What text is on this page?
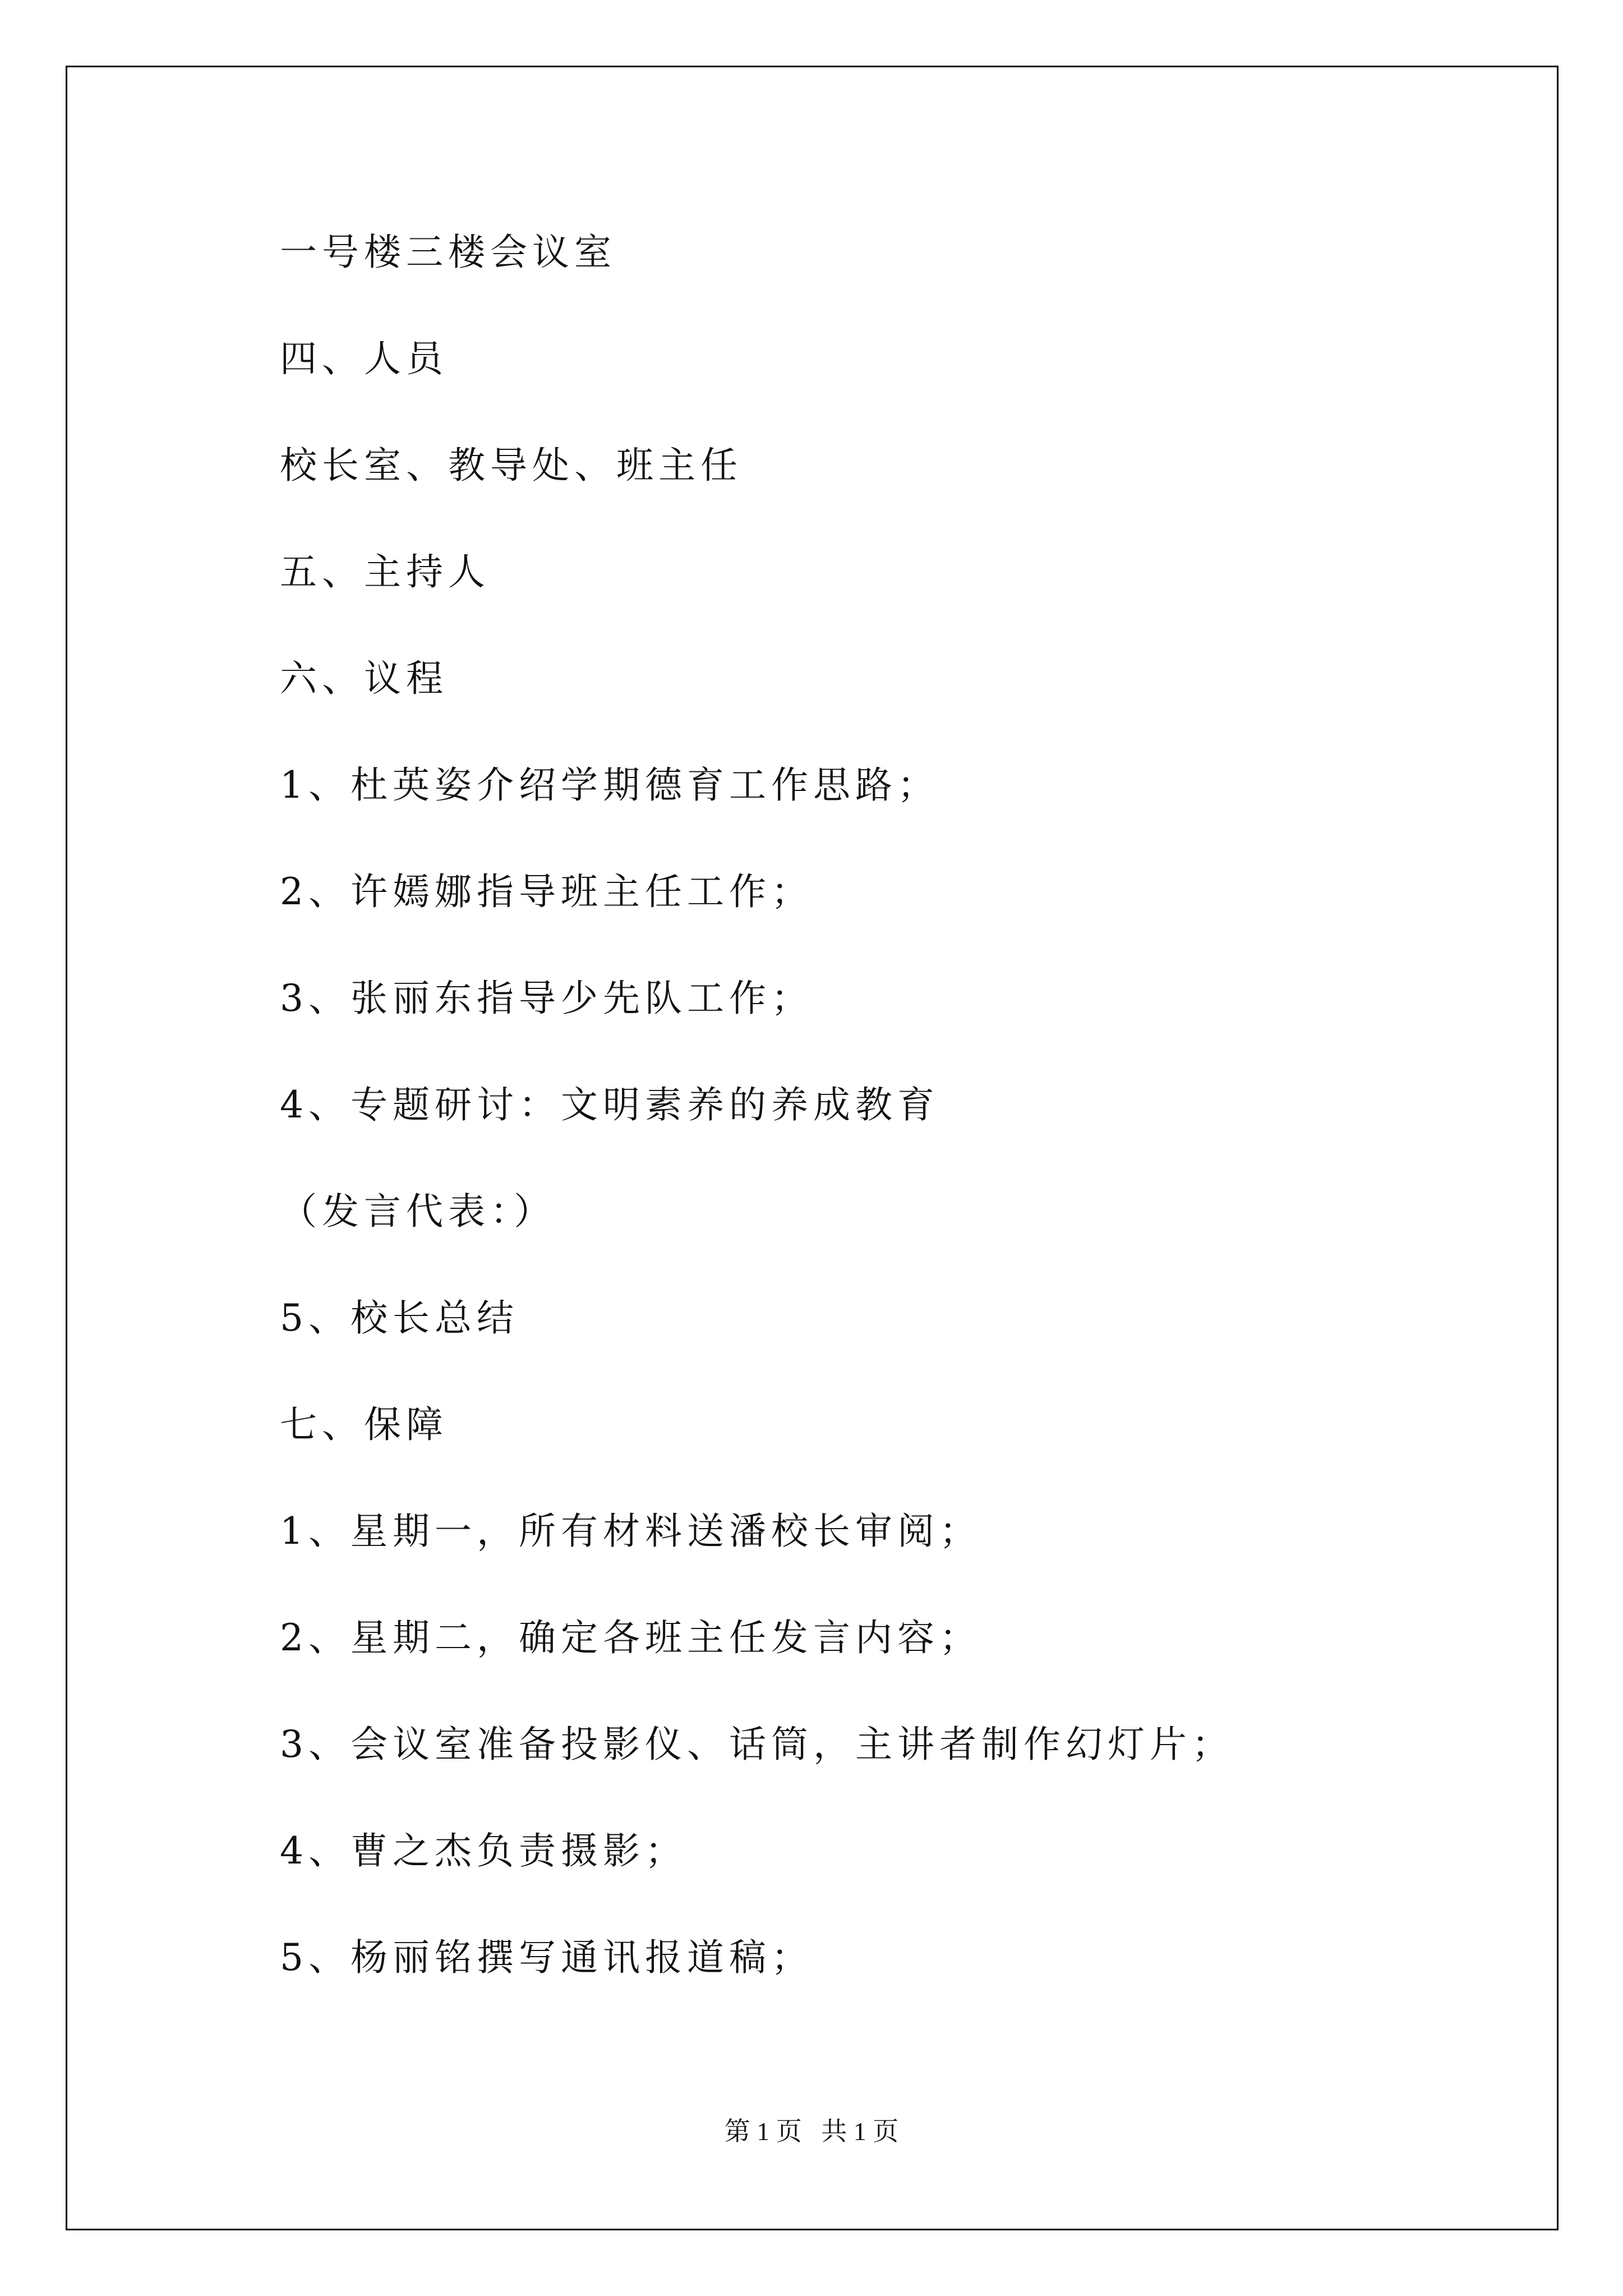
一号楼三楼会议室
四、人员
校长室、教导处、班主任
五、主持人
六、议程
1、杜英姿介绍学期德育工作思路；
2、许嫣娜指导班主任工作；
3、张丽东指导少先队工作；
4、专题研讨：文明素养的养成教育
（发言代表：）
5、校长总结
七、保障
1、星期一，所有材料送潘校长审阅；
2、星期二，确定各班主任发言内容；
3、会议室准备投影仪、话筒，主讲者制作幻灯片；
4、曹之杰负责摄影；
5、杨丽铭撰写通讯报道稿；
第 1 页   共 1 页
